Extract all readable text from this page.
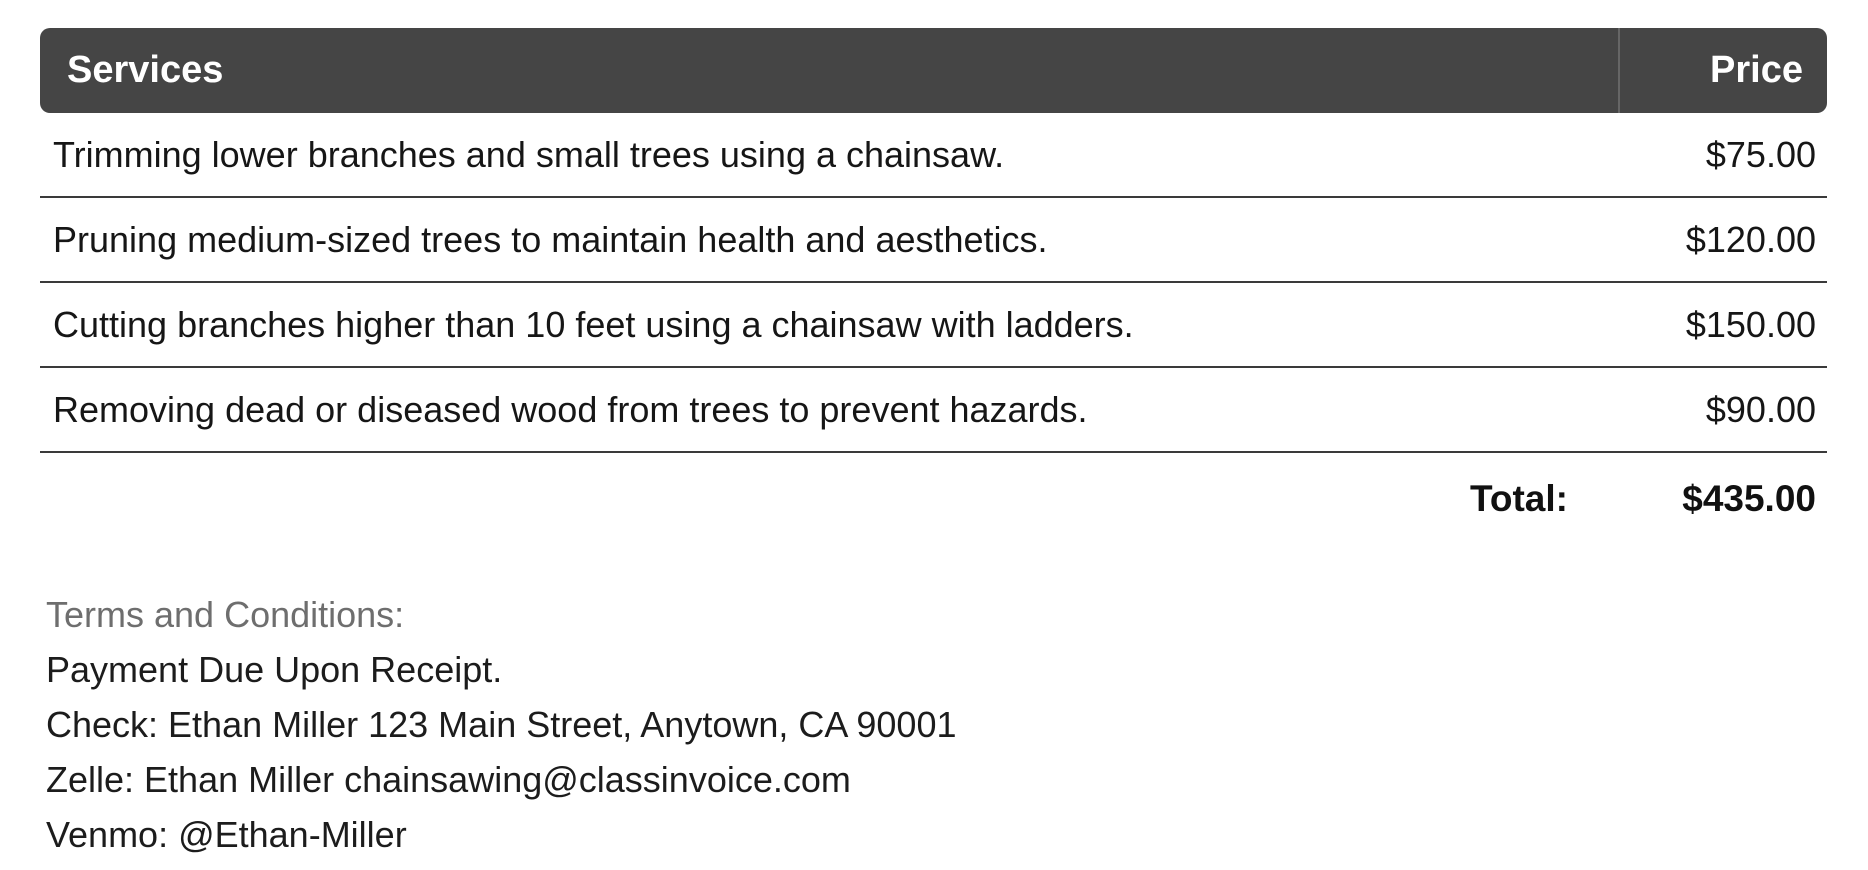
Services	Price
Trimming lower branches and small trees using a chainsaw.	$75.00
Pruning medium-sized trees to maintain health and aesthetics.	$120.00
Cutting branches higher than 10 feet using a chainsaw with ladders.	$150.00
Removing dead or diseased wood from trees to prevent hazards.	$90.00
Total:	$435.00
Terms and Conditions:
Payment Due Upon Receipt.
Check: Ethan Miller 123 Main Street, Anytown, CA 90001
Zelle: Ethan Miller chainsawing@classinvoice.com
Venmo: @Ethan-Miller
